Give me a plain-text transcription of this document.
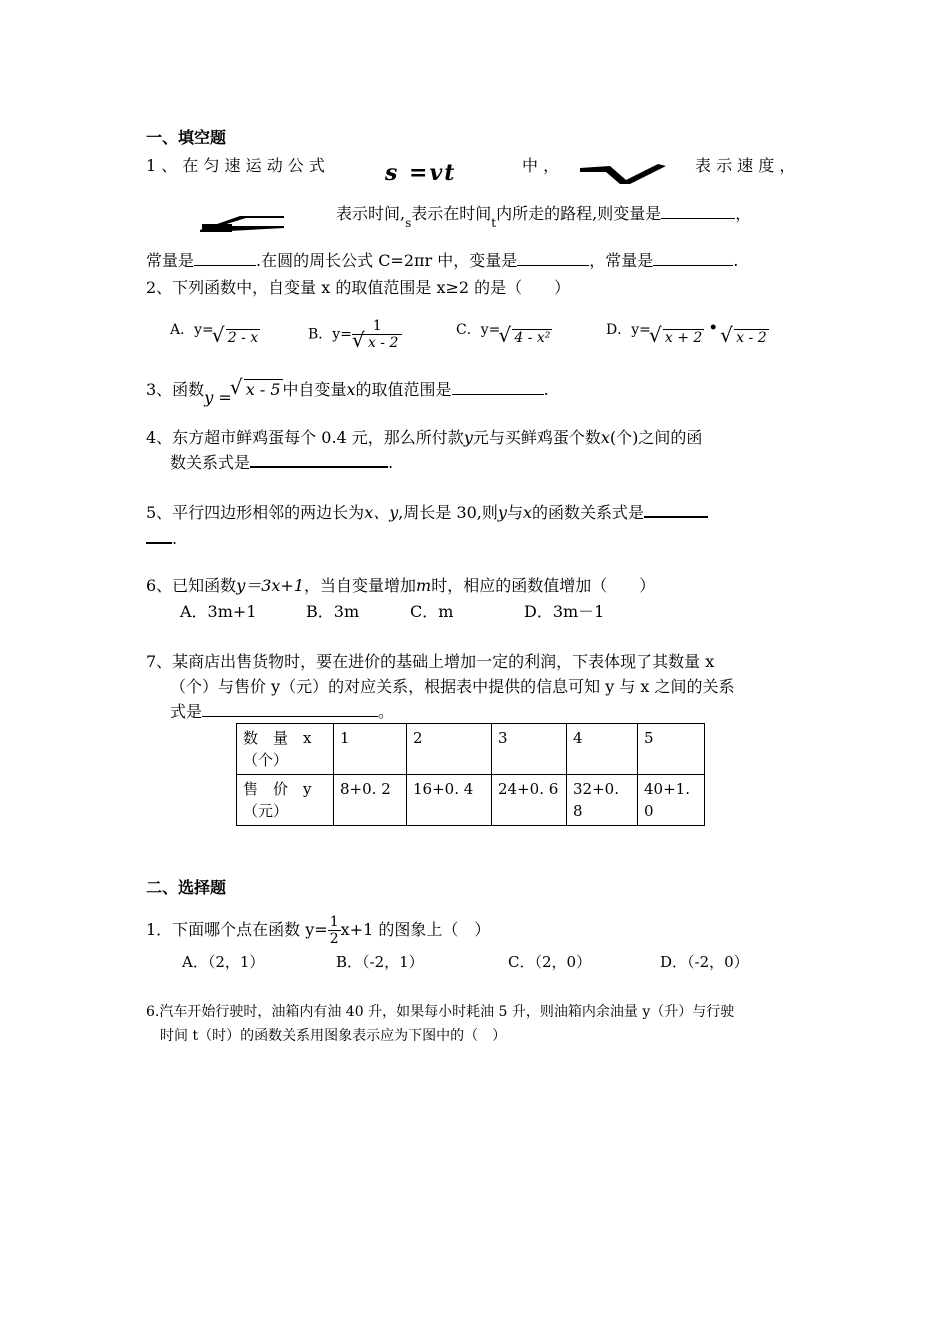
一、填空题
1 、 在 匀 速 运 动 公 式	s =vt	中 ，	表 示 速 度 ，
表示时间$,_s$表示在时间$_t$内所走的路程,则变量是	，
常量是	.在圆的周长公式 C=2πr 中，变量是	，常量是	.
2、下列函数中，自变量 x 的取值范围是 x≥2 的是（　　）
A．y= √ 2 - x	B．y= 1
√ x - 2	C．y= √ 4 - x²	D．y= √ x + 2 • √ x - 2
3、函数y = √ x - 5 中自变量x的取值范围是	.
4、东方超市鲜鸡蛋每个 0.4 元，那么所付款y元与买鲜鸡蛋个数x(个)之间的函
数关系式是	.
5、平行四边形相邻的两边长为x、y,周长是 30,则y与x的函数关系式是
.
6、已知函数y＝3x+1，当自变量增加m时，相应的函数值增加（　　）
A．3m+1	B．3m	C．m	D．3m－1
7、某商店出售货物时，要在进价的基础上增加一定的利润，下表体现了其数量 x
（个）与售价 y（元）的对应关系，根据表中提供的信息可知 y 与 x 之间的关系
式是	。
数　量　x（个）	1	2	3	4	5
售　价　y（元）	8+0. 2	16+0. 4	24+0. 6	32+0. 8	40+1. 0
二、选择题
1．下面哪个点在函数 $y= \frac{1}{2} x+1$ 的图象上（　）
A．（2，1）	B．（-2，1）	C．（2，0）	D．（-2，0）
6.汽车开始行驶时，油箱内有油 40 升，如果每小时耗油 5 升，则油箱内余油量 y（升）与行驶
时间 t（时）的函数关系用图象表示应为下图中的（　）
